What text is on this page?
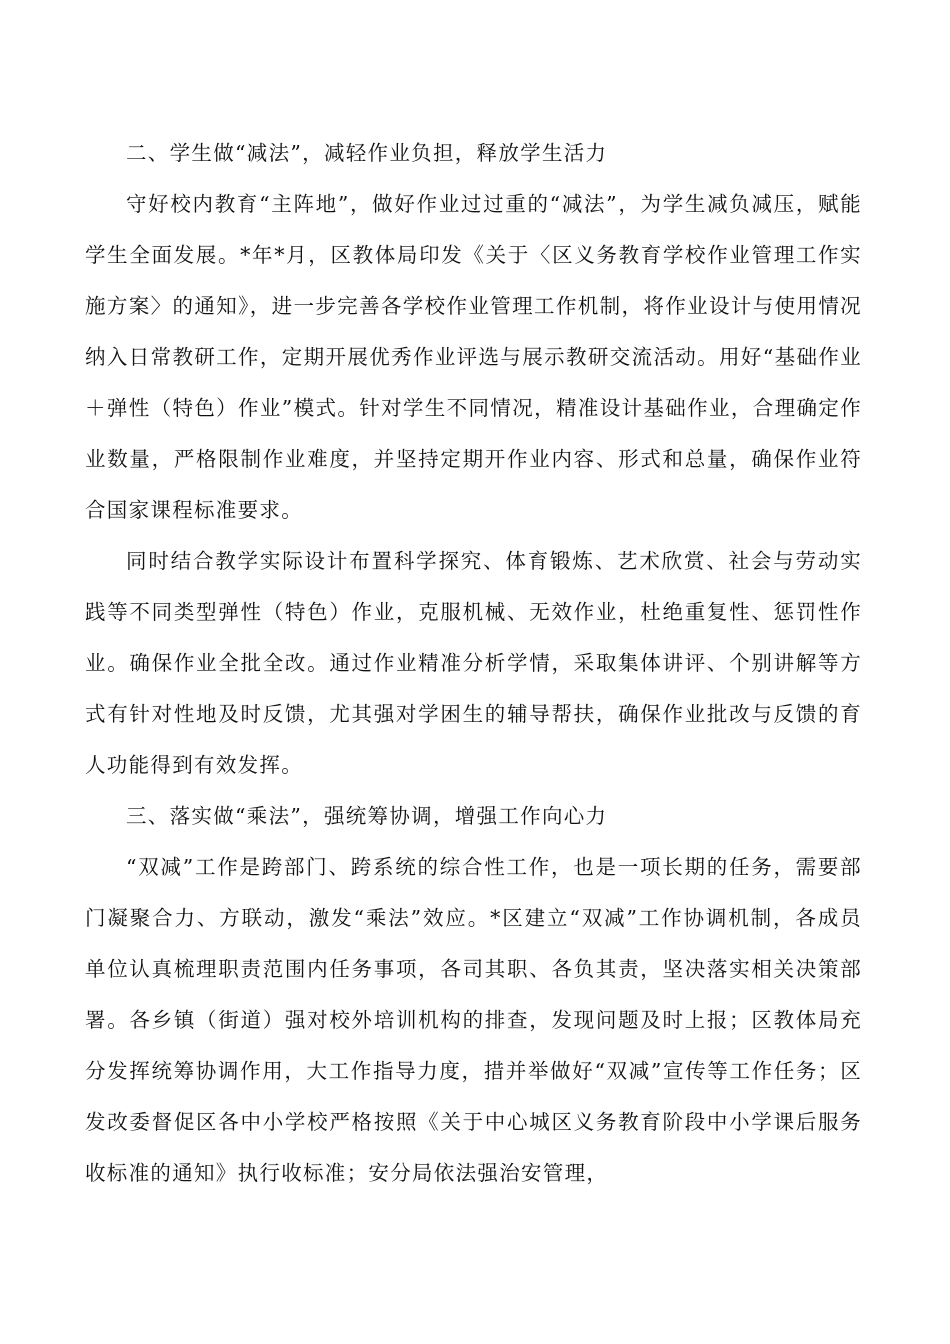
二、学生做“减法”，减轻作业负担，释放学生活力

守好校内教育“主阵地”，做好作业过过重的“减法”，为学生减负减压，赋能学生全面发展。*年*月，区教体局印发《关于〈区义务教育学校作业管理工作实施方案〉的通知》，进一步完善各学校作业管理工作机制，将作业设计与使用情况纳入日常教研工作，定期开展优秀作业评选与展示教研交流活动。用好“基础作业＋弹性（特色）作业”模式。针对学生不同情况，精准设计基础作业，合理确定作业数量，严格限制作业难度，并坚持定期开作业内容、形式和总量，确保作业符合国家课程标准要求。

同时结合教学实际设计布置科学探究、体育锻炼、艺术欣赏、社会与劳动实践等不同类型弹性（特色）作业，克服机械、无效作业，杜绝重复性、惩罚性作业。确保作业全批全改。通过作业精准分析学情，采取集体讲评、个别讲解等方式有针对性地及时反馈，尤其强对学困生的辅导帮扶，确保作业批改与反馈的育人功能得到有效发挥。

三、落实做“乘法”，强统筹协调，增强工作向心力

“双减”工作是跨部门、跨系统的综合性工作，也是一项长期的任务，需要部门凝聚合力、方联动，激发“乘法”效应。*区建立“双减”工作协调机制，各成员单位认真梳理职责范围内任务事项，各司其职、各负其责，坚决落实相关决策部署。各乡镇（街道）强对校外培训机构的排查，发现问题及时上报；区教体局充分发挥统筹协调作用，大工作指导力度，措并举做好“双减”宣传等工作任务；区发改委督促区各中小学校严格按照《关于中心城区义务教育阶段中小学课后服务收标准的通知》执行收标准；安分局依法强治安管理，
